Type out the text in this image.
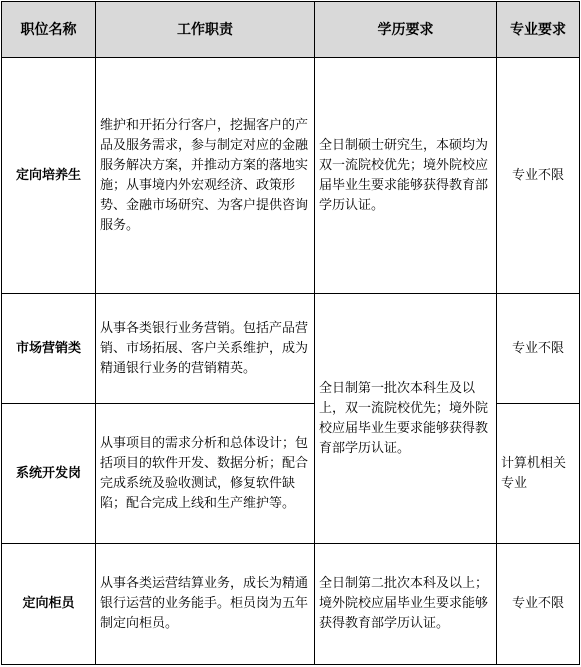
职位名称	工作职责	学历要求	专业要求
定向培养生	维护和开拓分行客户，挖掘客户的产品及服务需求，参与制定对应的金融服务解决方案，并推动方案的落地实施；从事境内外宏观经济、政策形势、金融市场研究、为客户提供咨询服务。	全日制硕士研究生，本硕均为双一流院校优先；境外院校应届毕业生要求能够获得教育部学历认证。	专业不限
市场营销类	从事各类银行业务营销。包括产品营销、市场拓展、客户关系维护，成为精通银行业务的营销精英。	全日制第一批次本科生及以上，双一流院校优先；境外院校应届毕业生要求能够获得教育部学历认证。	专业不限
系统开发岗	从事项目的需求分析和总体设计；包括项目的软件开发、数据分析；配合完成系统及验收测试，修复软件缺陷；配合完成上线和生产维护等。		计算机相关专业
定向柜员	从事各类运营结算业务，成长为精通银行运营的业务能手。柜员岗为五年制定向柜员。	全日制第二批次本科及以上；境外院校应届毕业生要求能够获得教育部学历认证。	专业不限
